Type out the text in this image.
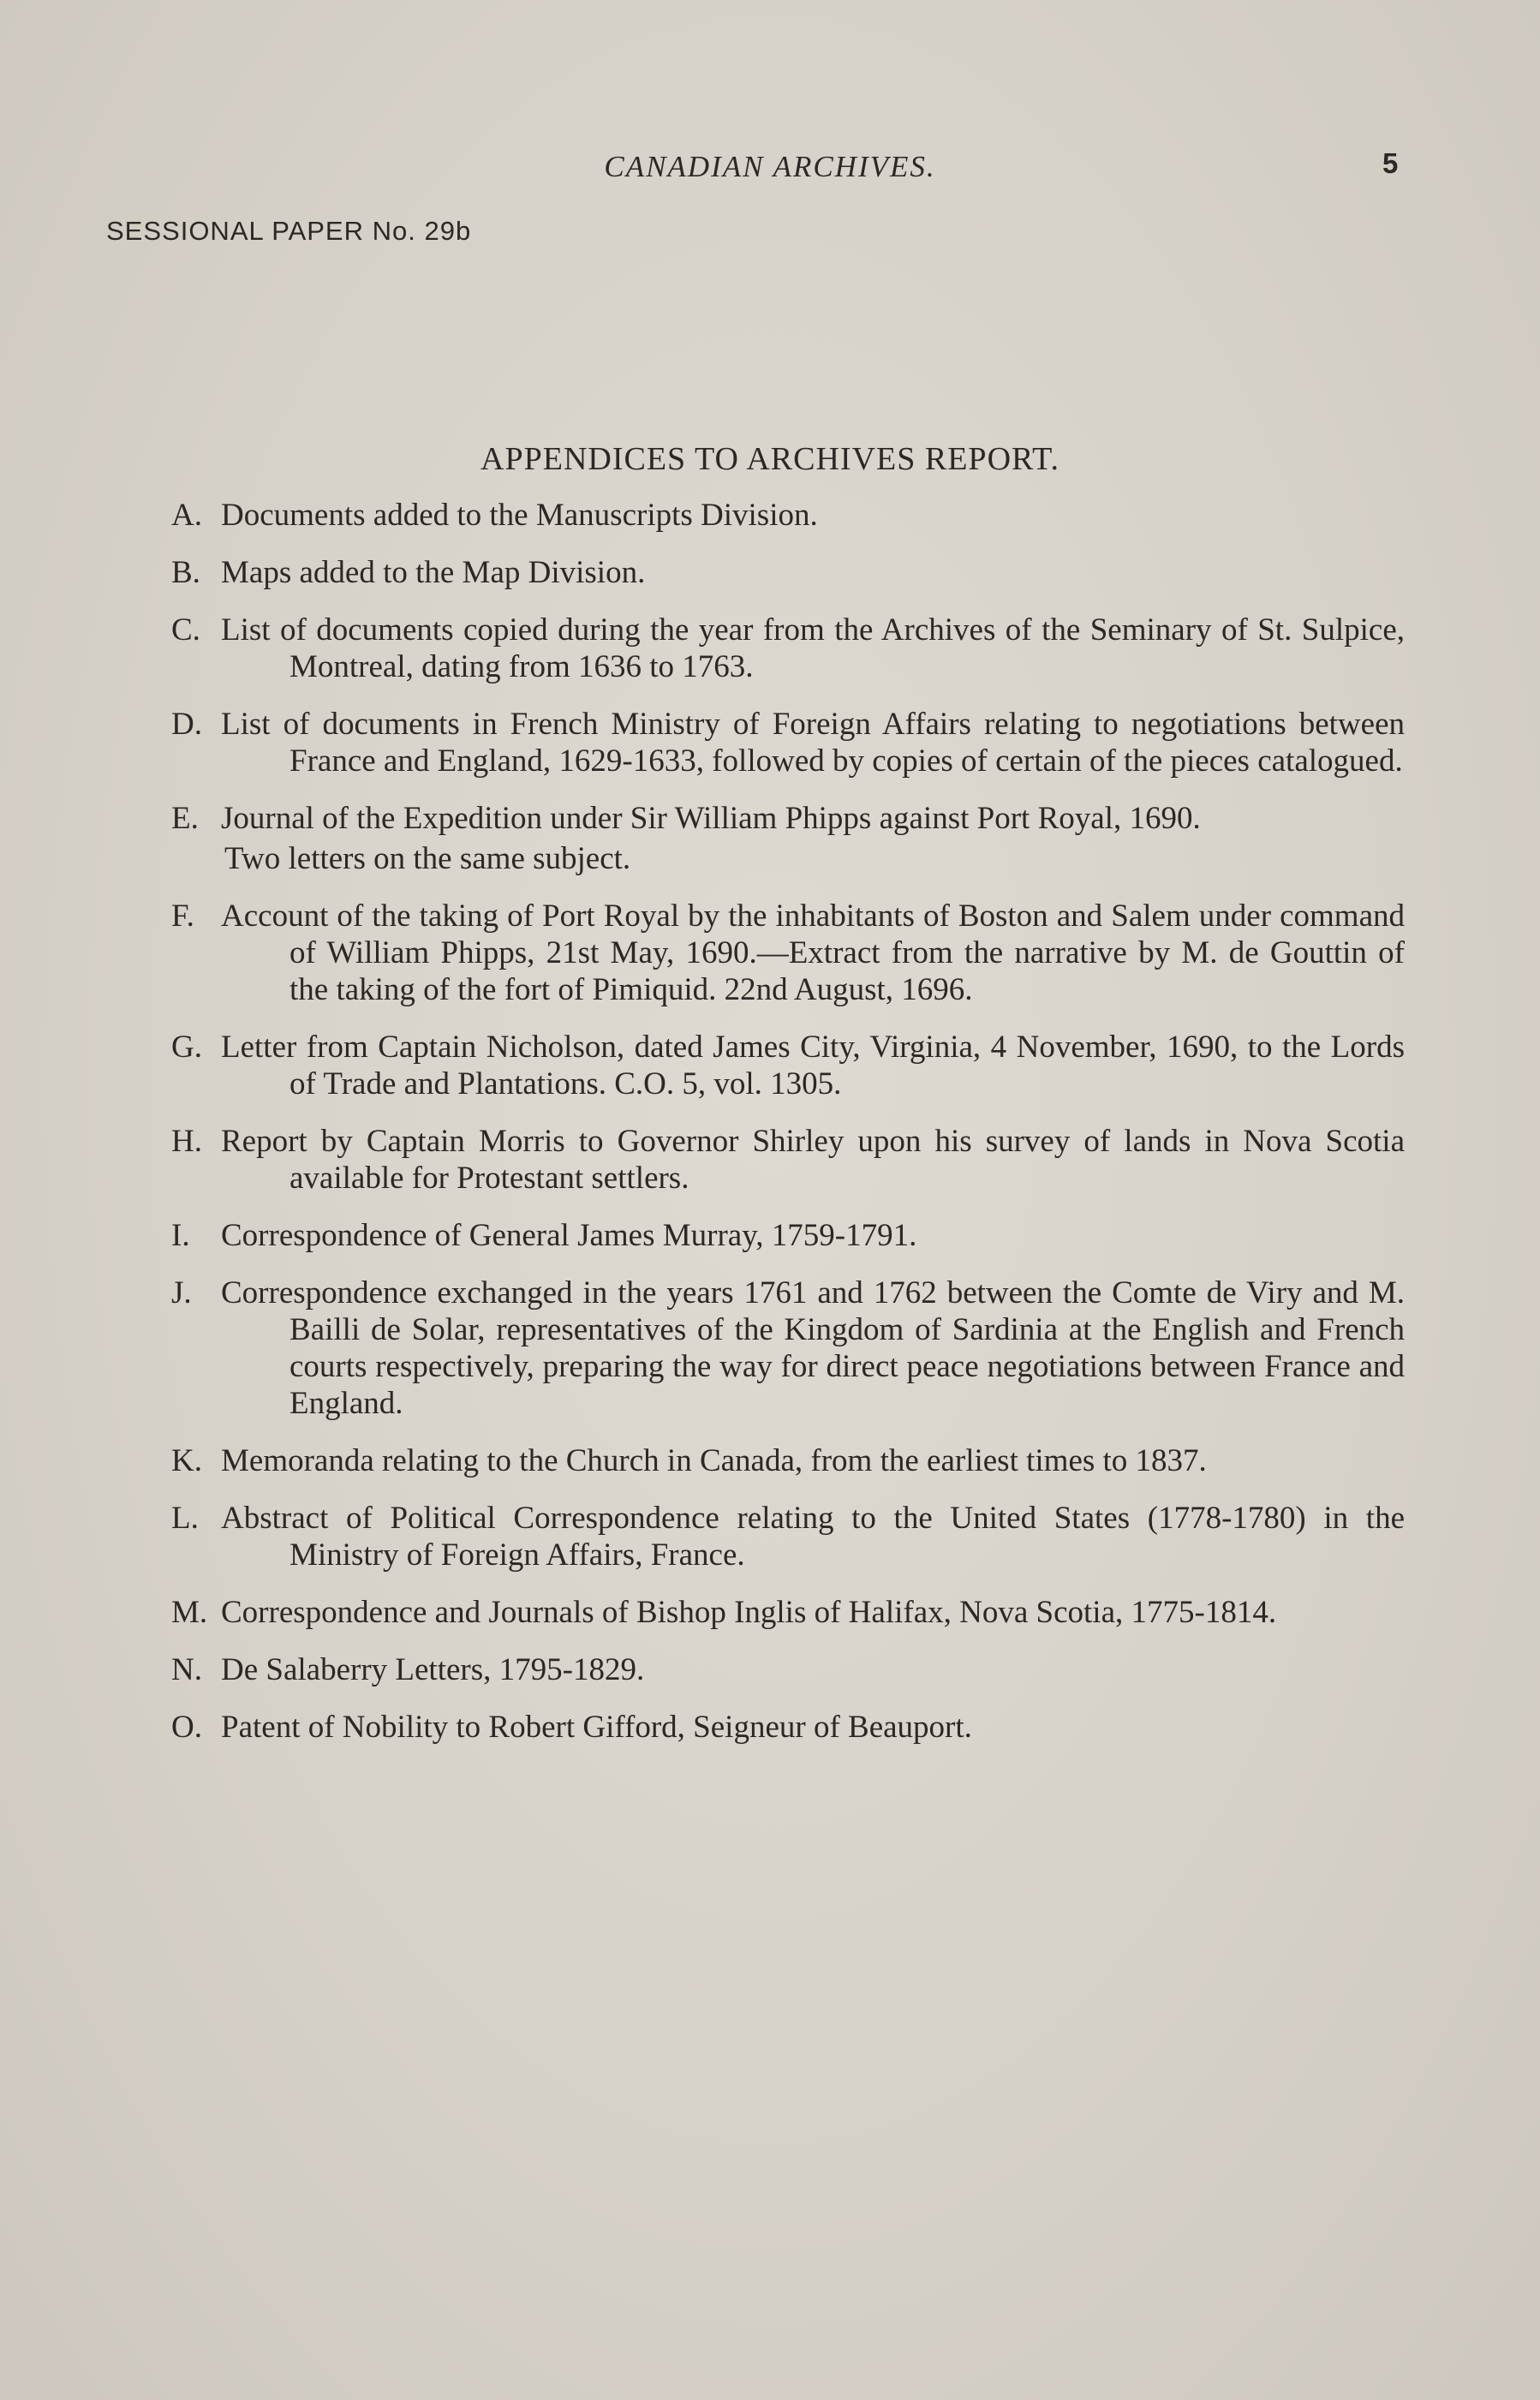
CANADIAN ARCHIVES.	5
SESSIONAL PAPER No. 29b
APPENDICES TO ARCHIVES REPORT.
A. Documents added to the Manuscripts Division.
B. Maps added to the Map Division.
C. List of documents copied during the year from the Archives of the Seminary of St. Sulpice, Montreal, dating from 1636 to 1763.
D. List of documents in French Ministry of Foreign Affairs relating to negotiations between France and England, 1629-1633, followed by copies of certain of the pieces catalogued.
E. Journal of the Expedition under Sir William Phipps against Port Royal, 1690.
Two letters on the same subject.
F. Account of the taking of Port Royal by the inhabitants of Boston and Salem under command of William Phipps, 21st May, 1690.—Extract from the narrative by M. de Gouttin of the taking of the fort of Pimiquid. 22nd August, 1696.
G. Letter from Captain Nicholson, dated James City, Virginia, 4 November, 1690, to the Lords of Trade and Plantations. C.O. 5, vol. 1305.
H. Report by Captain Morris to Governor Shirley upon his survey of lands in Nova Scotia available for Protestant settlers.
I. Correspondence of General James Murray, 1759-1791.
J. Correspondence exchanged in the years 1761 and 1762 between the Comte de Viry and M. Bailli de Solar, representatives of the Kingdom of Sardinia at the English and French courts respectively, preparing the way for direct peace negotiations between France and England.
K. Memoranda relating to the Church in Canada, from the earliest times to 1837.
L. Abstract of Political Correspondence relating to the United States (1778-1780) in the Ministry of Foreign Affairs, France.
M. Correspondence and Journals of Bishop Inglis of Halifax, Nova Scotia, 1775-1814.
N. De Salaberry Letters, 1795-1829.
O. Patent of Nobility to Robert Gifford, Seigneur of Beauport.
